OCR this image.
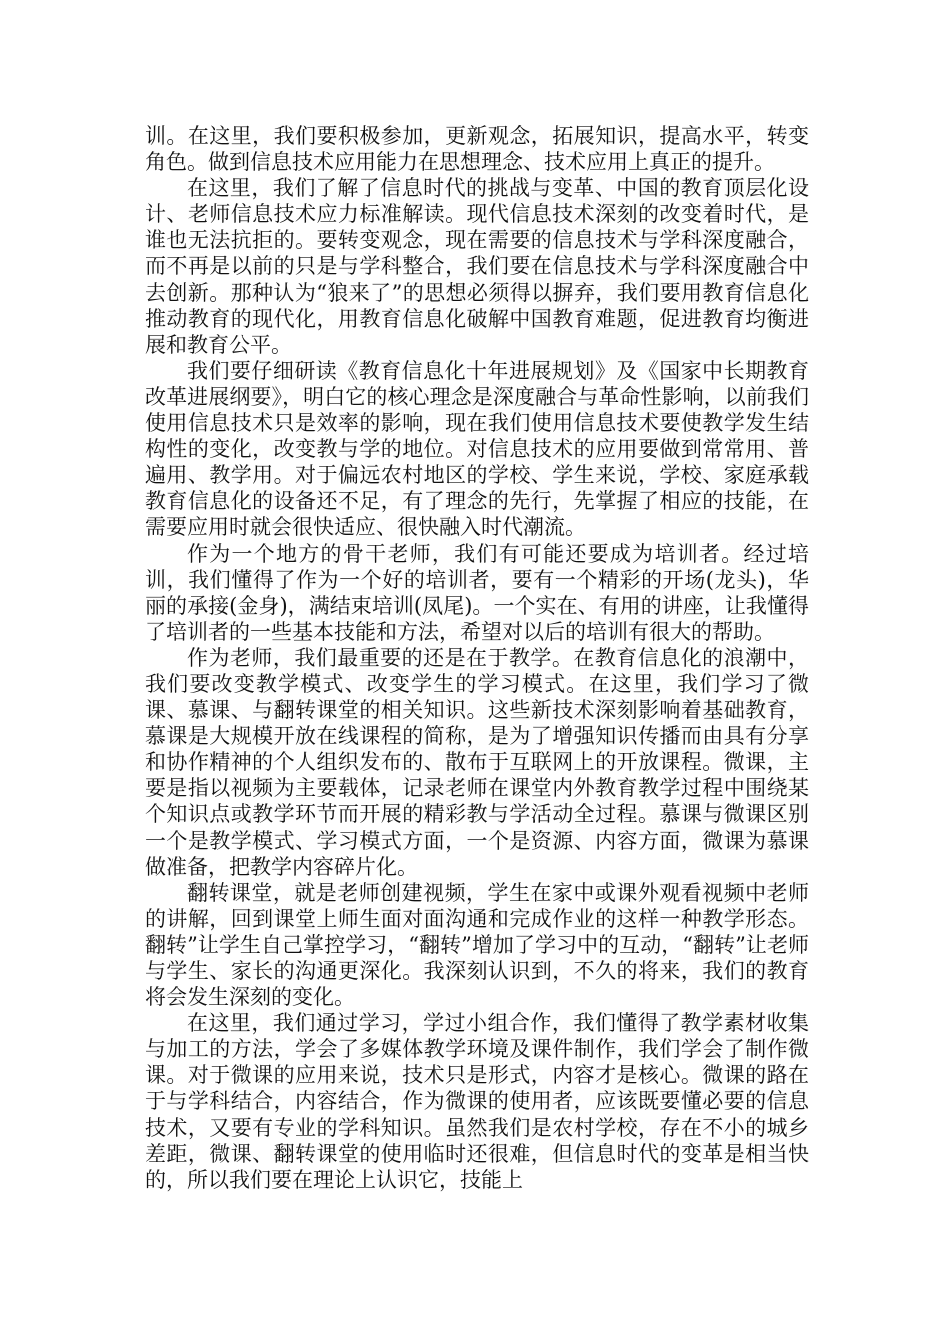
训。在这里，我们要积极参加，更新观念，拓展知识，提高水平，转变角色。做到信息技术应用能力在思想理念、技术应用上真正的提升。

在这里，我们了解了信息时代的挑战与变革、中国的教育顶层化设计、老师信息技术应力标准解读。现代信息技术深刻的改变着时代，是谁也无法抗拒的。要转变观念，现在需要的信息技术与学科深度融合，而不再是以前的只是与学科整合，我们要在信息技术与学科深度融合中去创新。那种认为“狼来了”的思想必须得以摒弃，我们要用教育信息化推动教育的现代化，用教育信息化破解中国教育难题，促进教育均衡进展和教育公平。

我们要仔细研读《教育信息化十年进展规划》及《国家中长期教育改革进展纲要》，明白它的核心理念是深度融合与革命性影响，以前我们使用信息技术只是效率的影响，现在我们使用信息技术要使教学发生结构性的变化，改变教与学的地位。对信息技术的应用要做到常常用、普遍用、教学用。对于偏远农村地区的学校、学生来说，学校、家庭承载教育信息化的设备还不足，有了理念的先行，先掌握了相应的技能，在需要应用时就会很快适应、很快融入时代潮流。

作为一个地方的骨干老师，我们有可能还要成为培训者。经过培训，我们懂得了作为一个好的培训者，要有一个精彩的开场(龙头)，华丽的承接(金身)，满结束培训(凤尾)。一个实在、有用的讲座，让我懂得了培训者的一些基本技能和方法，希望对以后的培训有很大的帮助。

作为老师，我们最重要的还是在于教学。在教育信息化的浪潮中，我们要改变教学模式、改变学生的学习模式。在这里，我们学习了微课、慕课、与翻转课堂的相关知识。这些新技术深刻影响着基础教育，慕课是大规模开放在线课程的简称，是为了增强知识传播而由具有分享和协作精神的个人组织发布的、散布于互联网上的开放课程。微课，主要是指以视频为主要载体，记录老师在课堂内外教育教学过程中围绕某个知识点或教学环节而开展的精彩教与学活动全过程。慕课与微课区别一个是教学模式、学习模式方面，一个是资源、内容方面，微课为慕课做准备，把教学内容碎片化。

翻转课堂，就是老师创建视频，学生在家中或课外观看视频中老师的讲解，回到课堂上师生面对面沟通和完成作业的这样一种教学形态。翻转”让学生自己掌控学习，“翻转”增加了学习中的互动，“翻转”让老师与学生、家长的沟通更深化。我深刻认识到，不久的将来，我们的教育将会发生深刻的变化。

在这里，我们通过学习，学过小组合作，我们懂得了教学素材收集与加工的方法，学会了多媒体教学环境及课件制作，我们学会了制作微课。对于微课的应用来说，技术只是形式，内容才是核心。微课的路在于与学科结合，内容结合，作为微课的使用者，应该既要懂必要的信息技术，又要有专业的学科知识。虽然我们是农村学校，存在不小的城乡差距，微课、翻转课堂的使用临时还很难，但信息时代的变革是相当快的，所以我们要在理论上认识它，技能上
